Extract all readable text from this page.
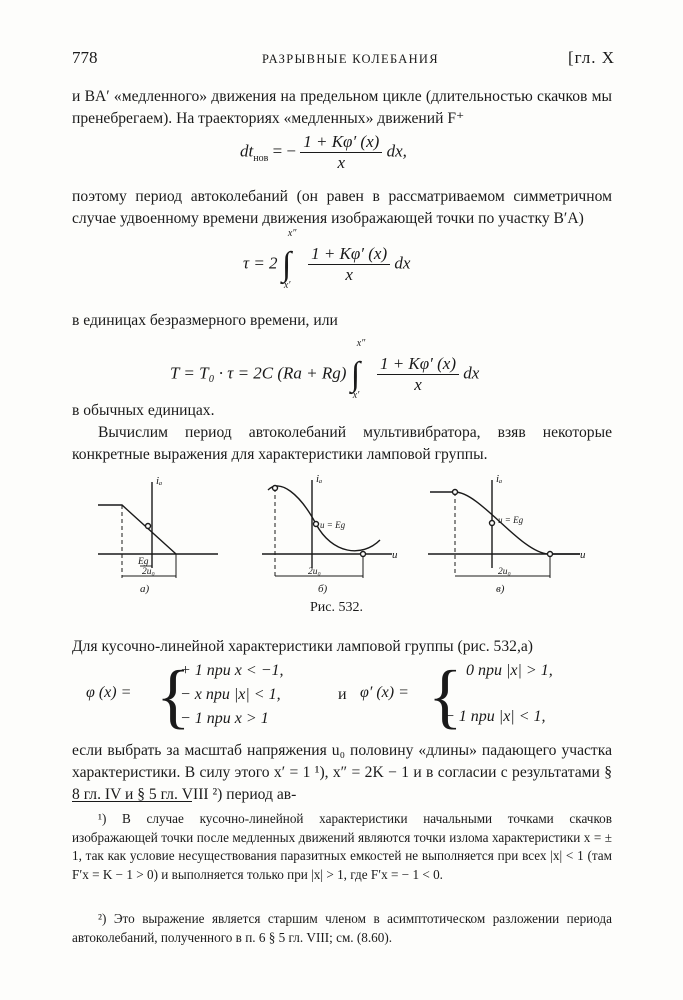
778	РАЗРЫВНЫЕ КОЛЕБАНИЯ	[гл. X
и BA′ «медленного» движения на предельном цикле (длительностью скачков мы пренебрегаем). На траекториях «медленных» движений F⁺
$dt_{нов}$ = − $\frac{1 + K\varphi' (x)}{x}$ dx,
поэтому период автоколебаний (он равен в рассматриваемом симметричном случае удвоенному времени движения изображающей точки по участку B′A)
τ = 2 ∫
x″
x′
$\frac{1 + K\varphi' (x)}{x}$ dx
в единицах безразмерного времени, или
T = T₀ · τ = 2C (Ra + Rg) ∫
x″
x′
$\frac{1 + K\varphi' (x)}{x}$ dx
в обычных единицах.
Вычислим период автоколебаний мультивибратора, взяв некоторые конкретные выражения для характеристики ламповой группы.
iₐ
Eg
2u₀
а)
iₐ
u
u = Eg
2u₀
б)
iₐ
u
u = Eg
2u₀
в)
Рис. 532.
Для кусочно-линейной характеристики ламповой группы (рис. 532,а)
φ (x) = {
+ 1 при x < −1,
− x при |x| < 1,
− 1 при x > 1
и φ′ (x) = { 0 при |x| > 1,
− 1 при |x| < 1,
если выбрать за масштаб напряжения u₀ половину «длины» падающего участка характеристики. В силу этого x′ = 1 ¹), x″ = 2K − 1 и в согласии с результатами § 8 гл. IV и § 5 гл. VIII ²) период ав-
¹) В случае кусочно-линейной характеристики начальными точками скачков изображающей точки после медленных движений являются точки излома характеристики x = ± 1, так как условие несуществования паразитных емкостей не выполняется при всех |x| < 1 (там F′x = K − 1 > 0) и выполняется только при |x| > 1, где F′x = − 1 < 0.
²) Это выражение является старшим членом в асимптотическом разложении периода автоколебаний, полученного в п. 6 § 5 гл. VIII; см. (8.60).
